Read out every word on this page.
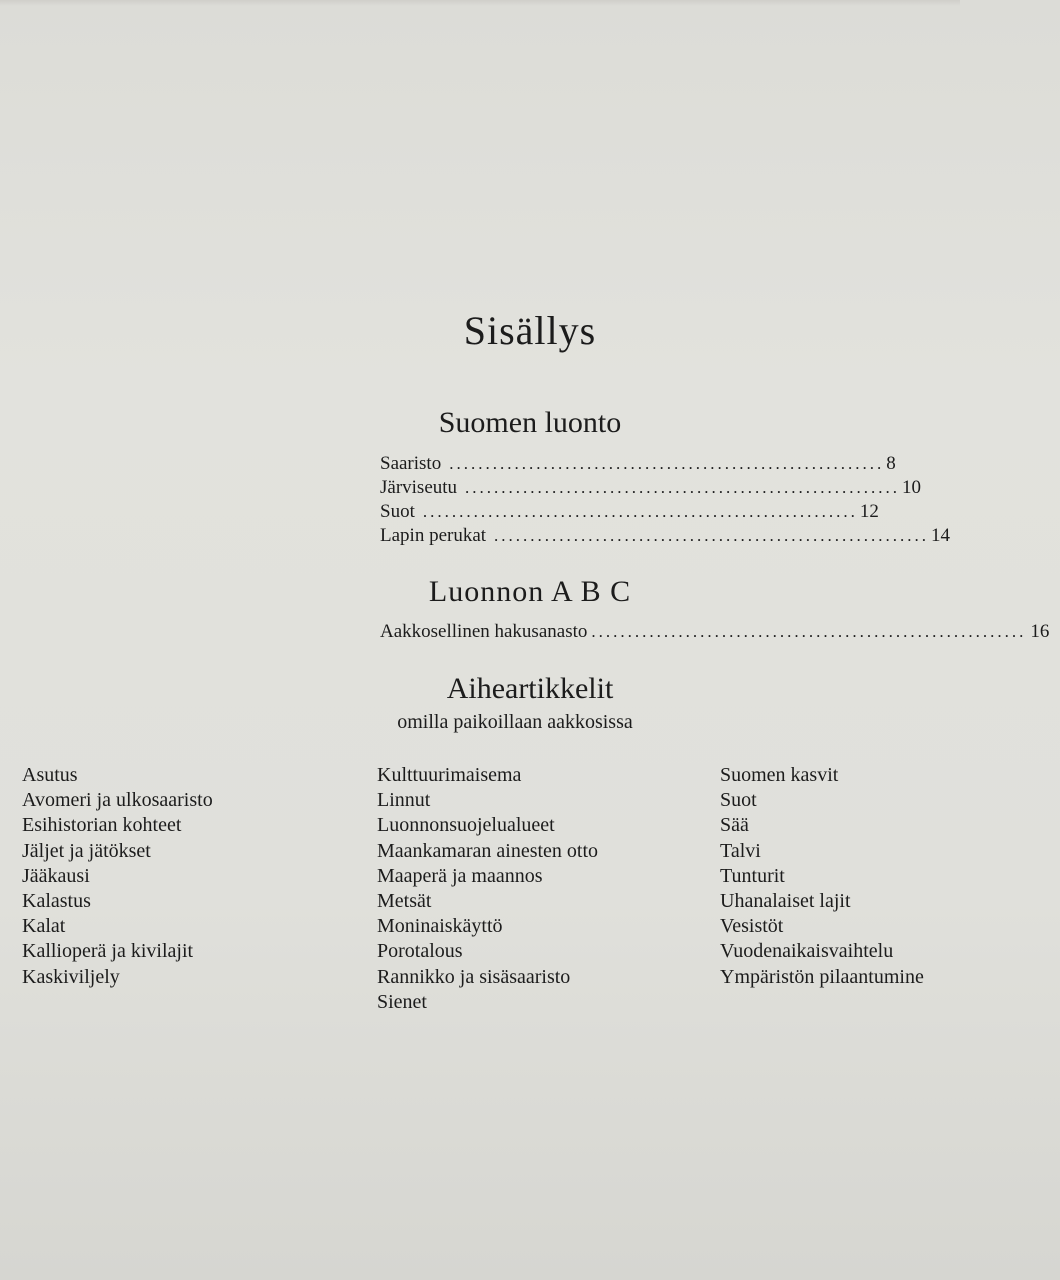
Sisällys
Suomen luonto
Saaristo ............................................................ 8
Järviseutu ............................................................ 10
Suot ............................................................ 12
Lapin perukat ............................................................ 14
Luonnon A B C
Aakkosellinen hakusanasto ............................................................ 16
Aiheartikkelit
omilla paikoillaan aakkosissa
Asutus
Avomeri ja ulkosaaristo
Esihistorian kohteet
Jäljet ja jätökset
Jääkausi
Kalastus
Kalat
Kallioperä ja kivilajit
Kaskiviljely
Kulttuurimaisema
Linnut
Luonnonsuojelualueet
Maankamaran ainesten otto
Maaperä ja maannos
Metsät
Moninaiskäyttö
Porotalous
Rannikko ja sisäsaaristo
Sienet
Suomen kasvit
Suot
Sää
Talvi
Tunturit
Uhanalaiset lajit
Vesistöt
Vuodenaikaisvaihtelu
Ympäristön pilaantumine
